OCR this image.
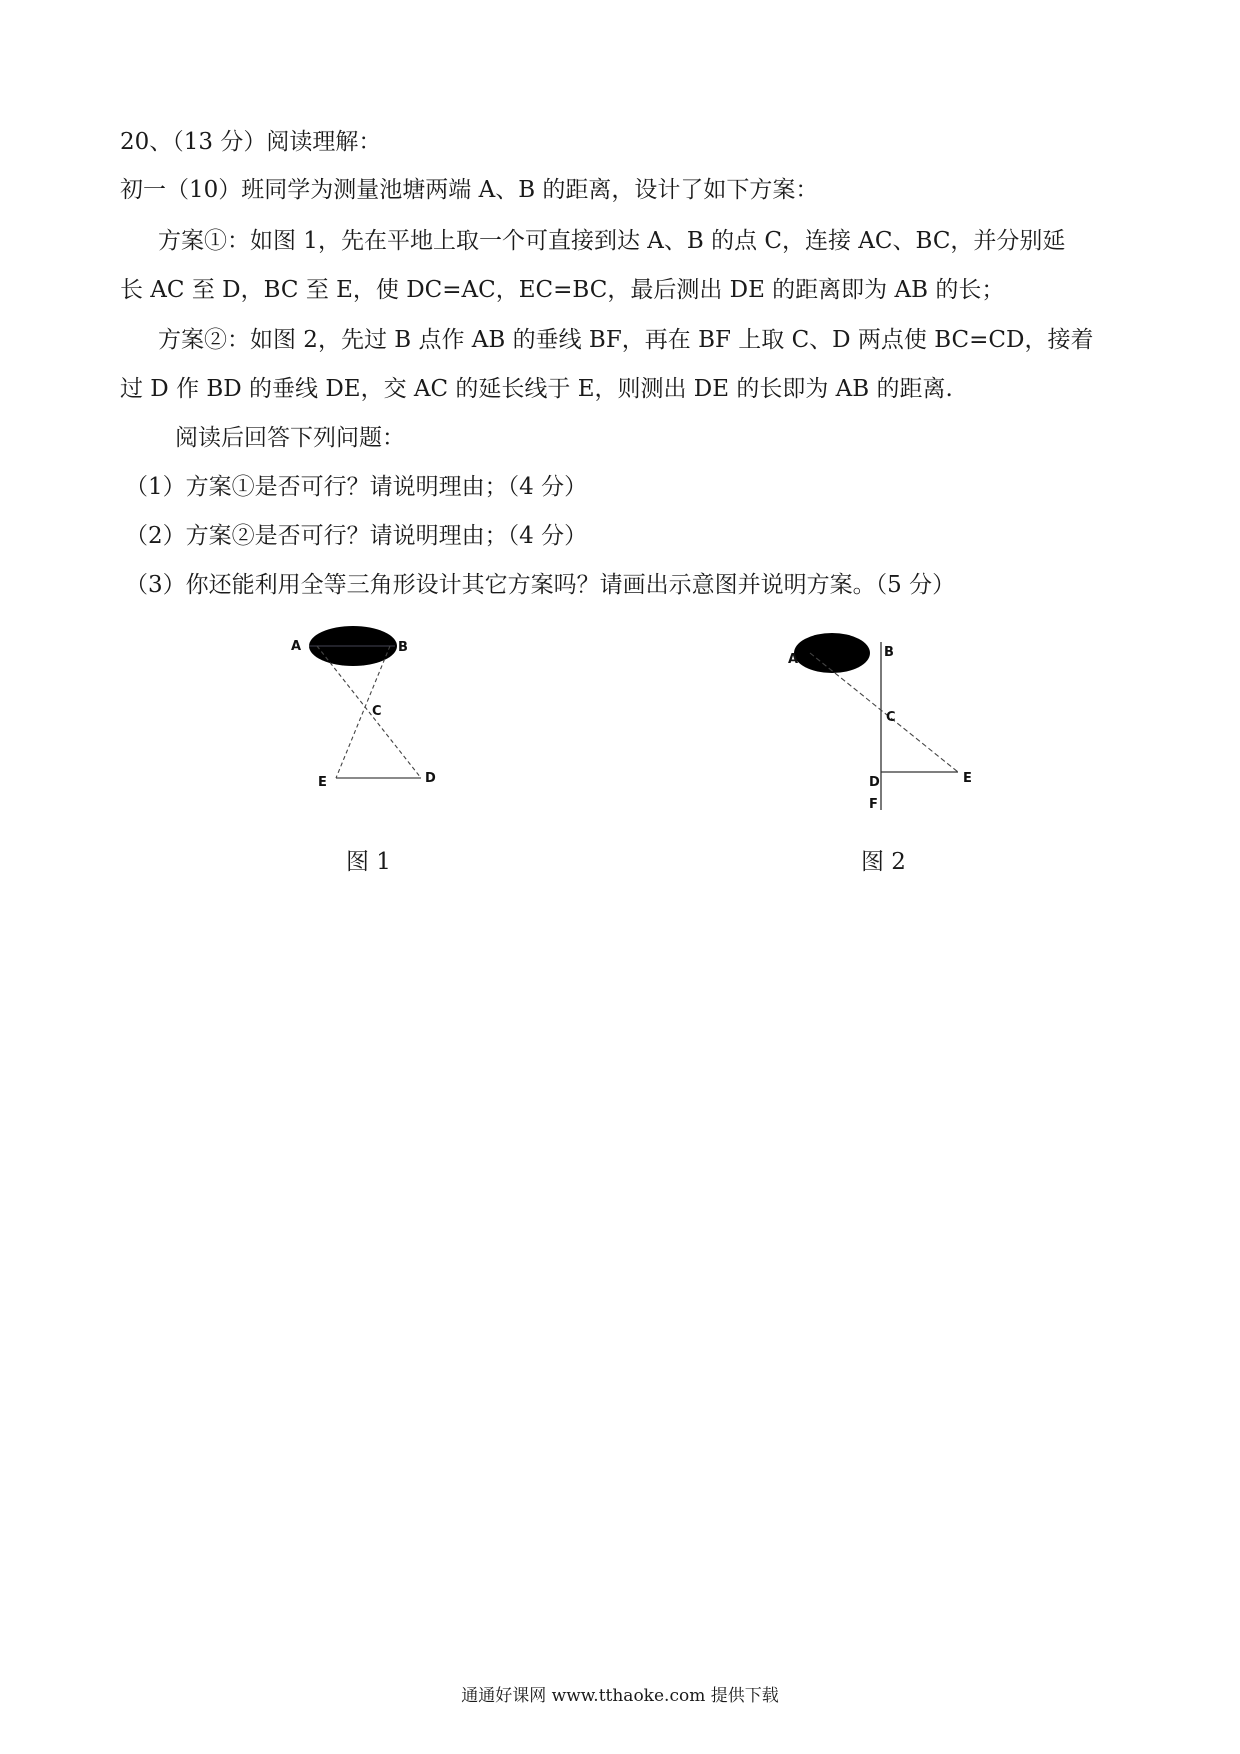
20、（13 分）阅读理解：
初一（10）班同学为测量池塘两端 A、B 的距离，设计了如下方案：
方案①：如图 1，先在平地上取一个可直接到达 A、B 的点 C，连接 AC、BC，并分别延
长 AC 至 D，BC 至 E，使 DC=AC，EC=BC，最后测出 DE 的距离即为 AB 的长；
方案②：如图 2，先过 B 点作 AB 的垂线 BF，再在 BF 上取 C、D 两点使 BC=CD，接着
过 D 作 BD 的垂线 DE，交 AC 的延长线于 E，则测出 DE 的长即为 AB 的距离.
阅读后回答下列问题：
（1）方案①是否可行？请说明理由；（4 分）
（2）方案②是否可行？请说明理由；（4 分）
（3）你还能利用全等三角形设计其它方案吗？请画出示意图并说明方案。（5 分）
A	B
C
E	D
图 1
A	B
C
D	E
F
图 2
通通好课网 www.tthaoke.com 提供下载
